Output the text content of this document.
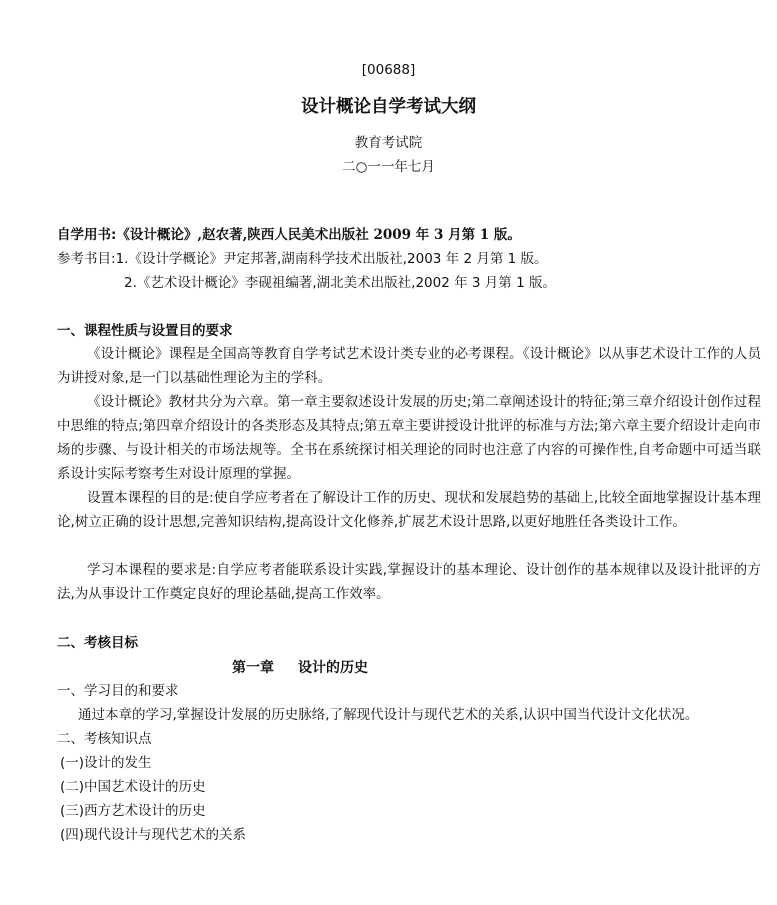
[00688]
设计概论自学考试大纲
教育考试院
二○一一年七月
自学用书:《设计概论》,赵农著,陕西人民美术出版社 2009 年 3 月第 1 版。
参考书目:1.《设计学概论》尹定邦著,湖南科学技术出版社,2003 年 2 月第 1 版。
2.《艺术设计概论》李砚祖编著,湖北美术出版社,2002 年 3 月第 1 版。
一、课程性质与设置目的要求
《设计概论》课程是全国高等教育自学考试艺术设计类专业的必考课程。《设计概论》以从事艺术设计工作的人员为讲授对象,是一门以基础性理论为主的学科。
《设计概论》教材共分为六章。第一章主要叙述设计发展的历史;第二章阐述设计的特征;第三章介绍设计创作过程中思维的特点;第四章介绍设计的各类形态及其特点;第五章主要讲授设计批评的标准与方法;第六章主要介绍设计走向市场的步骤、与设计相关的市场法规等。全书在系统探讨相关理论的同时也注意了内容的可操作性,自考命题中可适当联系设计实际考察考生对设计原理的掌握。
设置本课程的目的是:使自学应考者在了解设计工作的历史、现状和发展趋势的基础上,比较全面地掌握设计基本理论,树立正确的设计思想,完善知识结构,提高设计文化修养,扩展艺术设计思路,以更好地胜任各类设计工作。
学习本课程的要求是:自学应考者能联系设计实践,掌握设计的基本理论、设计创作的基本规律以及设计批评的方法,为从事设计工作奠定良好的理论基础,提高工作效率。
二、考核目标
第一章 设计的历史
一、学习目的和要求
通过本章的学习,掌握设计发展的历史脉络,了解现代设计与现代艺术的关系,认识中国当代设计文化状况。
二、考核知识点
(一)设计的发生
(二)中国艺术设计的历史
(三)西方艺术设计的历史
(四)现代设计与现代艺术的关系
